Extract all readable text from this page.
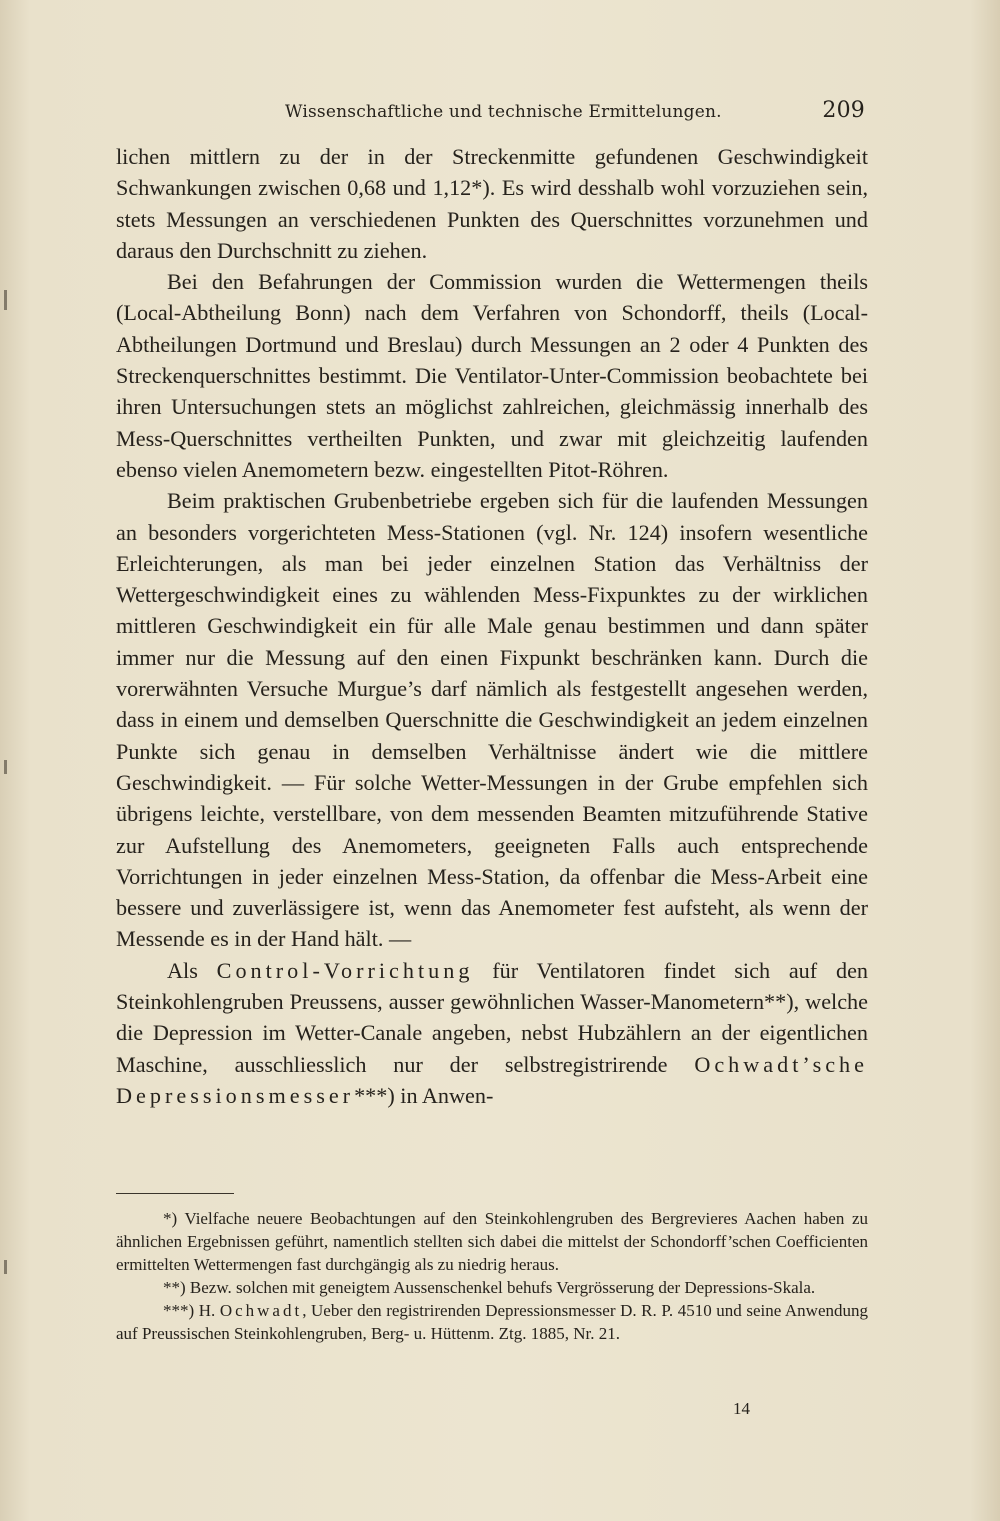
Wissenschaftliche und technische Ermittelungen.	209

lichen mittlern zu der in der Streckenmitte gefundenen Geschwindigkeit Schwankungen zwischen 0,68 und 1,12*). Es wird desshalb wohl vorzuziehen sein, stets Messungen an verschiedenen Punkten des Querschnittes vorzunehmen und daraus den Durchschnitt zu ziehen.

Bei den Befahrungen der Commission wurden die Wettermengen theils (Local-Abtheilung Bonn) nach dem Verfahren von Schondorff, theils (Local-Abtheilungen Dortmund und Breslau) durch Messungen an 2 oder 4 Punkten des Streckenquerschnittes bestimmt. Die Ventilator-Unter-Commission beobachtete bei ihren Untersuchungen stets an möglichst zahlreichen, gleichmässig innerhalb des Mess-Querschnittes vertheilten Punkten, und zwar mit gleichzeitig laufenden ebenso vielen Anemometern bezw. eingestellten Pitot-Röhren.

Beim praktischen Grubenbetriebe ergeben sich für die laufenden Messungen an besonders vorgerichteten Mess-Stationen (vgl. Nr. 124) insofern wesentliche Erleichterungen, als man bei jeder einzelnen Station das Verhältniss der Wettergeschwindigkeit eines zu wählenden Mess-Fixpunktes zu der wirklichen mittleren Geschwindigkeit ein für alle Male genau bestimmen und dann später immer nur die Messung auf den einen Fixpunkt beschränken kann. Durch die vorerwähnten Versuche Murgue’s darf nämlich als festgestellt angesehen werden, dass in einem und demselben Querschnitte die Geschwindigkeit an jedem einzelnen Punkte sich genau in demselben Verhältnisse ändert wie die mittlere Geschwindigkeit. — Für solche Wetter-Messungen in der Grube empfehlen sich übrigens leichte, verstellbare, von dem messenden Beamten mitzuführende Stative zur Aufstellung des Anemometers, geeigneten Falls auch entsprechende Vorrichtungen in jeder einzelnen Mess-Station, da offenbar die Mess-Arbeit eine bessere und zuverlässigere ist, wenn das Anemometer fest aufsteht, als wenn der Messende es in der Hand hält. —

Als Control-Vorrichtung für Ventilatoren findet sich auf den Steinkohlengruben Preussens, ausser gewöhnlichen Wasser-Manometern**), welche die Depression im Wetter-Canale angeben, nebst Hubzählern an der eigentlichen Maschine, ausschliesslich nur der selbstregistrirende Ochwadt’sche Depressionsmesser***) in Anwen-

*) Vielfache neuere Beobachtungen auf den Steinkohlengruben des Bergrevieres Aachen haben zu ähnlichen Ergebnissen geführt, namentlich stellten sich dabei die mittelst der Schondorff’schen Coefficienten ermittelten Wettermengen fast durchgängig als zu niedrig heraus.

**) Bezw. solchen mit geneigtem Aussenschenkel behufs Vergrösserung der Depressions-Skala.

***) H. Ochwadt, Ueber den registrirenden Depressionsmesser D. R. P. 4510 und seine Anwendung auf Preussischen Steinkohlengruben, Berg- u. Hüttenm. Ztg. 1885, Nr. 21.

14
